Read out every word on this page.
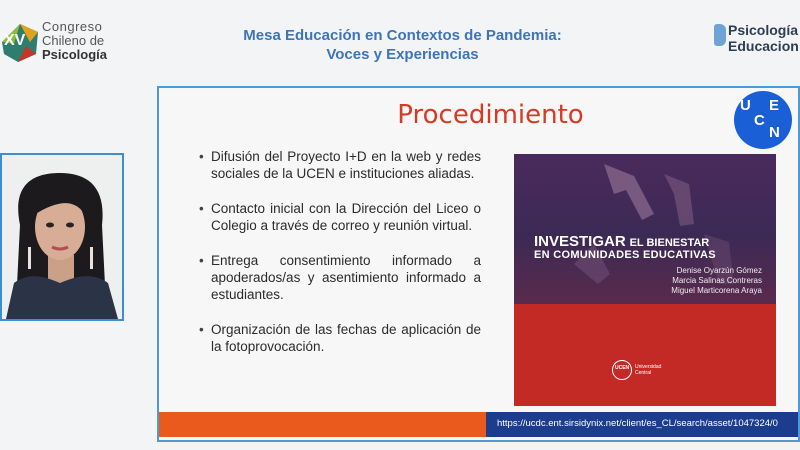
XV
Congreso
Chileno de
Psicología
Mesa Educación en Contextos de Pandemia:
Voces y Experiencias
Psicología
Educacion
Procedimiento	U
C
E
N
• Difusión del Proyecto I+D en la web y redes sociales de la UCEN e instituciones aliadas.
• Contacto inicial con la Dirección del Liceo o Colegio a través de correo y reunión virtual.
• Entrega consentimiento informado a apoderados/as y asentimiento informado a estudiantes.
• Organización de las fechas de aplicación de la fotoprovocación.
INVESTIGAR EL BIENESTAR
EN COMUNIDADES EDUCATIVAS
Denise Oyarzún Gómez
Marcia Salinas Contreras
Miguel Marticorena Araya
UCEN Universidad Central
https://ucdc.ent.sirsidynix.net/client/es_CL/search/asset/1047324/0
